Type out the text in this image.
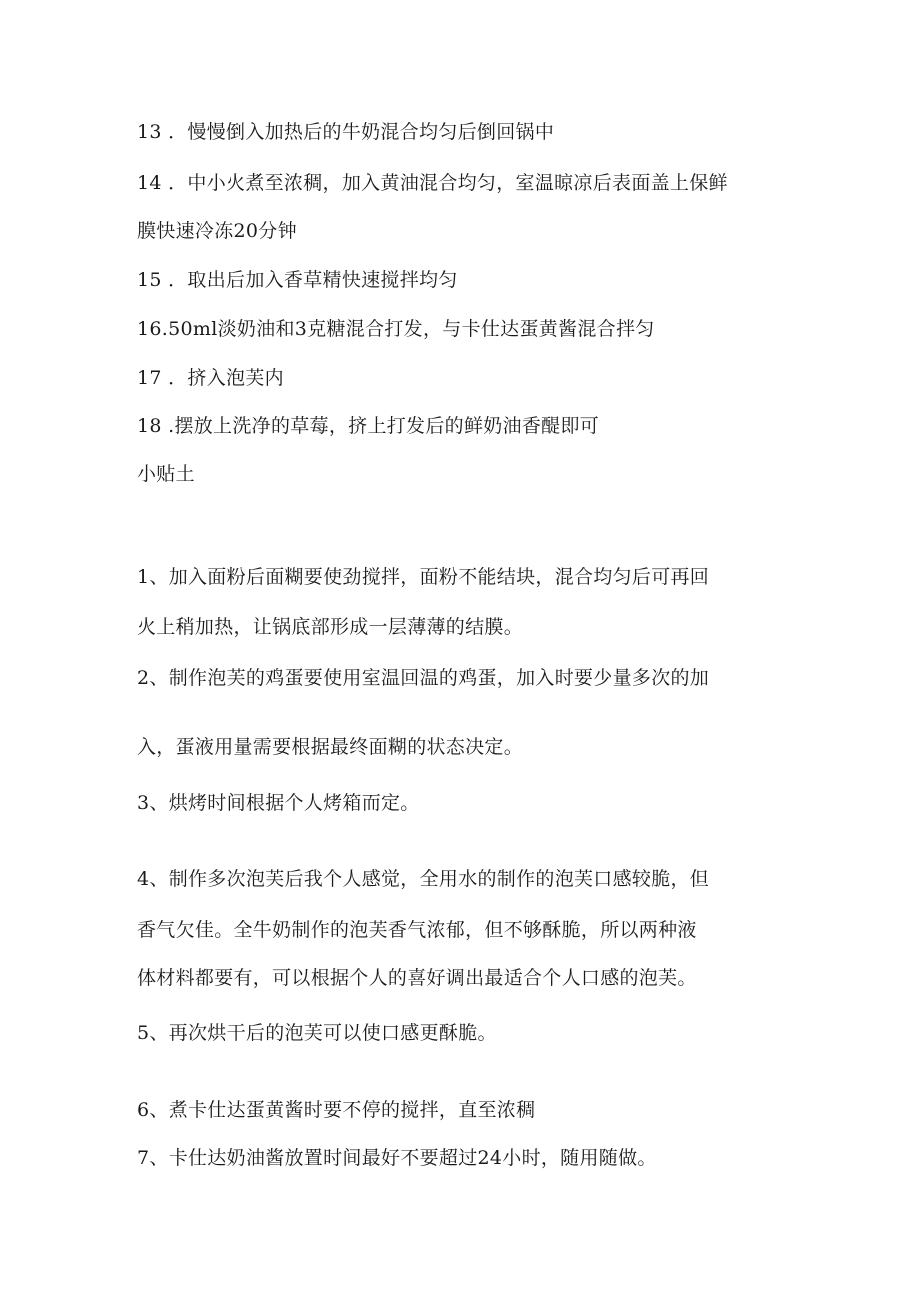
13 ．慢慢倒入加热后的牛奶混合均匀后倒回锅中
14 ．中小火煮至浓稠，加入黄油混合均匀，室温晾凉后表面盖上保鲜
膜快速冷冻20分钟
15 ．取出后加入香草精快速搅拌均匀
16.50ml淡奶油和3克糖混合打发，与卡仕达蛋黄酱混合拌匀
17 ．挤入泡芙内
18 .摆放上洗净的草莓，挤上打发后的鲜奶油香醍即可
小贴土
1、加入面粉后面糊要使劲搅拌，面粉不能结块，混合均匀后可再回
火上稍加热，让锅底部形成一层薄薄的结膜。
2、制作泡芙的鸡蛋要使用室温回温的鸡蛋，加入时要少量多次的加
入，蛋液用量需要根据最终面糊的状态决定。
3、烘烤时间根据个人烤箱而定。
4、制作多次泡芙后我个人感觉，全用水的制作的泡芙口感较脆，但
香气欠佳。全牛奶制作的泡芙香气浓郁，但不够酥脆，所以两种液
体材料都要有，可以根据个人的喜好调出最适合个人口感的泡芙。
5、再次烘干后的泡芙可以使口感更酥脆。
6、煮卡仕达蛋黄酱时要不停的搅拌，直至浓稠
7、卡仕达奶油酱放置时间最好不要超过24小时，随用随做。
